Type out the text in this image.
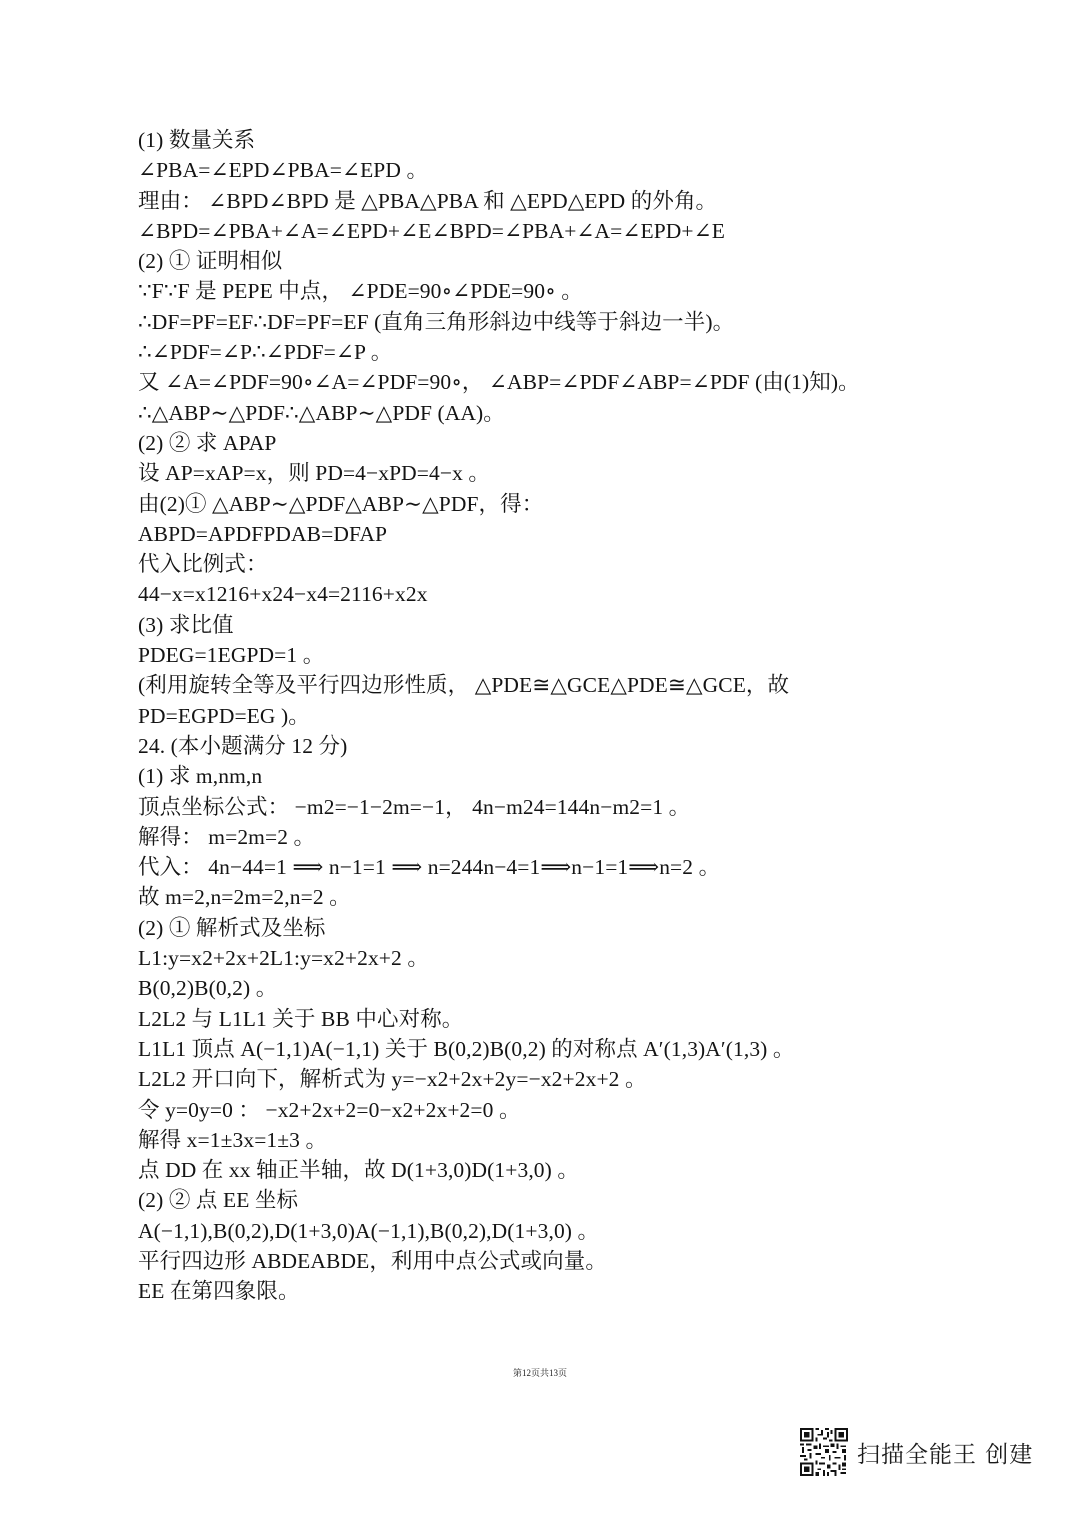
(1) 数量关系
∠PBA=∠EPD∠PBA=∠EPD 。
理由： ∠BPD∠BPD 是 △PBA△PBA 和 △EPD△EPD 的外角。
∠BPD=∠PBA+∠A=∠EPD+∠E∠BPD=∠PBA+∠A=∠EPD+∠E
(2) ① 证明相似
∵F∵F 是 PEPE 中点， ∠PDE=90∘∠PDE=90∘ 。
∴DF=PF=EF∴DF=PF=EF (直角三角形斜边中线等于斜边一半)。
∴∠PDF=∠P∴∠PDF=∠P 。
又 ∠A=∠PDF=90∘∠A=∠PDF=90∘， ∠ABP=∠PDF∠ABP=∠PDF (由(1)知)。
∴△ABP∼△PDF∴△ABP∼△PDF (AA)。
(2) ② 求 APAP
设 AP=xAP=x，则 PD=4−xPD=4−x 。
由(2)① △ABP∼△PDF△ABP∼△PDF，得：
ABPD=APDFPDAB=DFAP
代入比例式：
44−x=x1216+x24−x4=2116+x2x
(3) 求比值
PDEG=1EGPD=1 。
(利用旋转全等及平行四边形性质， △PDE≅△GCE△PDE≅△GCE，故
PD=EGPD=EG )。
24. (本小题满分 12 分)
(1) 求 m,nm,n
顶点坐标公式： −m2=−1−2m=−1， 4n−m24=144n−m2=1 。
解得： m=2m=2 。
代入： 4n−44=1 ⟹ n−1=1 ⟹ n=244n−4=1⟹n−1=1⟹n=2 。
故 m=2,n=2m=2,n=2 。
(2) ① 解析式及坐标
L1:y=x2+2x+2L1:y=x2+2x+2 。
B(0,2)B(0,2) 。
L2L2 与 L1L1 关于 BB 中心对称。
L1L1 顶点 A(−1,1)A(−1,1) 关于 B(0,2)B(0,2) 的对称点 A′(1,3)A′(1,3) 。
L2L2 开口向下，解析式为 y=−x2+2x+2y=−x2+2x+2 。
令 y=0y=0 ： −x2+2x+2=0−x2+2x+2=0 。
解得 x=1±3x=1±3 。
点 DD 在 xx 轴正半轴，故 D(1+3,0)D(1+3,0) 。
(2) ② 点 EE 坐标
A(−1,1),B(0,2),D(1+3,0)A(−1,1),B(0,2),D(1+3,0) 。
平行四边形 ABDEABDE，利用中点公式或向量。
EE 在第四象限。
第12页共13页
扫描全能王 创建
